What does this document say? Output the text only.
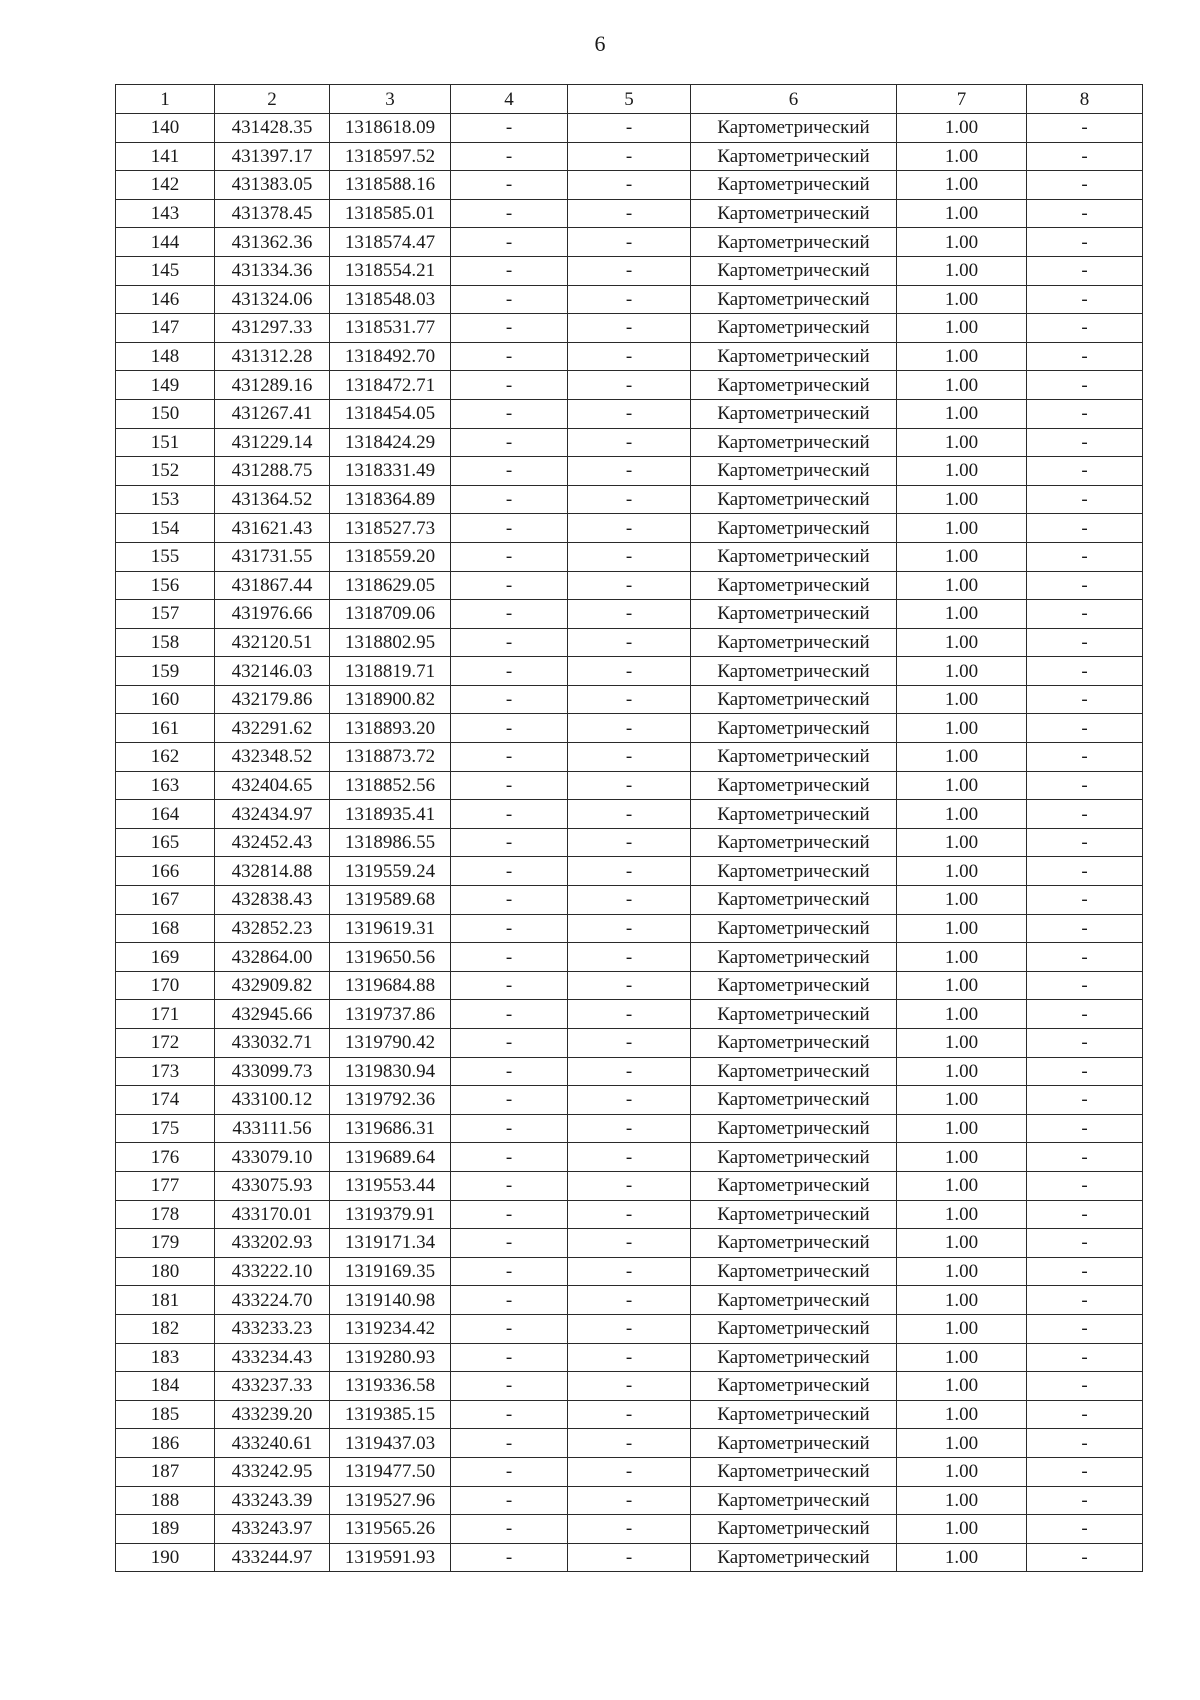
6
1	2	3	4	5	6	7	8
140	431428.35	1318618.09	-	-	Картометрический	1.00	-
141	431397.17	1318597.52	-	-	Картометрический	1.00	-
142	431383.05	1318588.16	-	-	Картометрический	1.00	-
143	431378.45	1318585.01	-	-	Картометрический	1.00	-
144	431362.36	1318574.47	-	-	Картометрический	1.00	-
145	431334.36	1318554.21	-	-	Картометрический	1.00	-
146	431324.06	1318548.03	-	-	Картометрический	1.00	-
147	431297.33	1318531.77	-	-	Картометрический	1.00	-
148	431312.28	1318492.70	-	-	Картометрический	1.00	-
149	431289.16	1318472.71	-	-	Картометрический	1.00	-
150	431267.41	1318454.05	-	-	Картометрический	1.00	-
151	431229.14	1318424.29	-	-	Картометрический	1.00	-
152	431288.75	1318331.49	-	-	Картометрический	1.00	-
153	431364.52	1318364.89	-	-	Картометрический	1.00	-
154	431621.43	1318527.73	-	-	Картометрический	1.00	-
155	431731.55	1318559.20	-	-	Картометрический	1.00	-
156	431867.44	1318629.05	-	-	Картометрический	1.00	-
157	431976.66	1318709.06	-	-	Картометрический	1.00	-
158	432120.51	1318802.95	-	-	Картометрический	1.00	-
159	432146.03	1318819.71	-	-	Картометрический	1.00	-
160	432179.86	1318900.82	-	-	Картометрический	1.00	-
161	432291.62	1318893.20	-	-	Картометрический	1.00	-
162	432348.52	1318873.72	-	-	Картометрический	1.00	-
163	432404.65	1318852.56	-	-	Картометрический	1.00	-
164	432434.97	1318935.41	-	-	Картометрический	1.00	-
165	432452.43	1318986.55	-	-	Картометрический	1.00	-
166	432814.88	1319559.24	-	-	Картометрический	1.00	-
167	432838.43	1319589.68	-	-	Картометрический	1.00	-
168	432852.23	1319619.31	-	-	Картометрический	1.00	-
169	432864.00	1319650.56	-	-	Картометрический	1.00	-
170	432909.82	1319684.88	-	-	Картометрический	1.00	-
171	432945.66	1319737.86	-	-	Картометрический	1.00	-
172	433032.71	1319790.42	-	-	Картометрический	1.00	-
173	433099.73	1319830.94	-	-	Картометрический	1.00	-
174	433100.12	1319792.36	-	-	Картометрический	1.00	-
175	433111.56	1319686.31	-	-	Картометрический	1.00	-
176	433079.10	1319689.64	-	-	Картометрический	1.00	-
177	433075.93	1319553.44	-	-	Картометрический	1.00	-
178	433170.01	1319379.91	-	-	Картометрический	1.00	-
179	433202.93	1319171.34	-	-	Картометрический	1.00	-
180	433222.10	1319169.35	-	-	Картометрический	1.00	-
181	433224.70	1319140.98	-	-	Картометрический	1.00	-
182	433233.23	1319234.42	-	-	Картометрический	1.00	-
183	433234.43	1319280.93	-	-	Картометрический	1.00	-
184	433237.33	1319336.58	-	-	Картометрический	1.00	-
185	433239.20	1319385.15	-	-	Картометрический	1.00	-
186	433240.61	1319437.03	-	-	Картометрический	1.00	-
187	433242.95	1319477.50	-	-	Картометрический	1.00	-
188	433243.39	1319527.96	-	-	Картометрический	1.00	-
189	433243.97	1319565.26	-	-	Картометрический	1.00	-
190	433244.97	1319591.93	-	-	Картометрический	1.00	-
